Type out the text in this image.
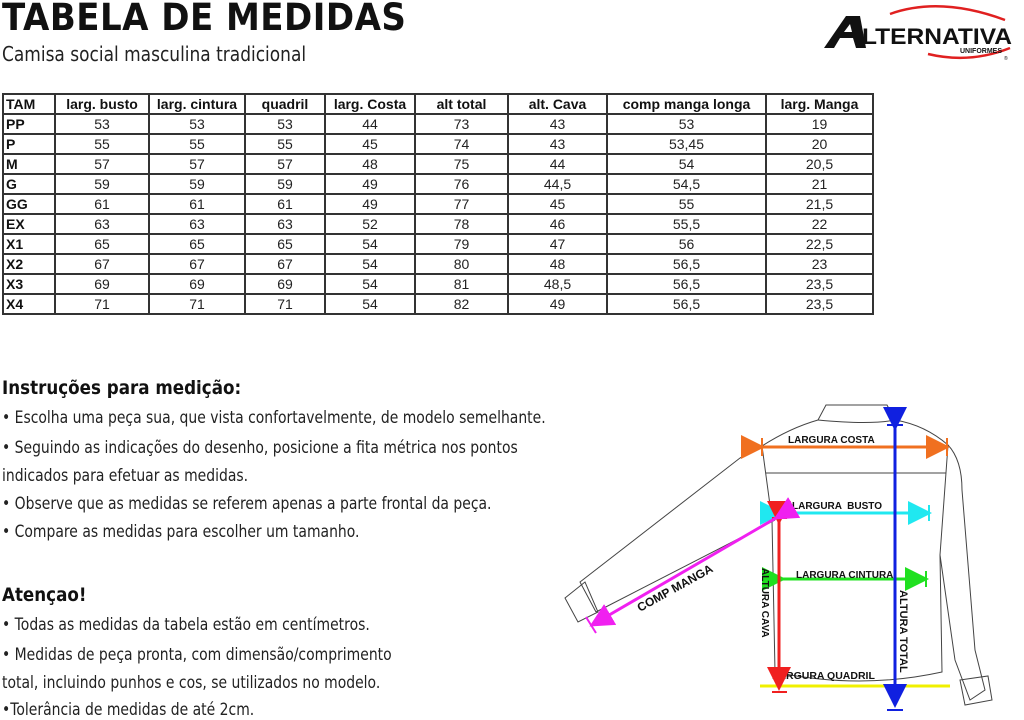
TABELA DE MEDIDAS
Camisa social masculina tradicional
LTERNATIVA
UNIFORMES
®
TAM	larg. busto	larg. cintura	quadril	larg. Costa	alt total	alt. Cava	comp manga longa	larg. Manga
PP	53	53	53	44	73	43	53	19
P	55	55	55	45	74	43	53,45	20
M	57	57	57	48	75	44	54	20,5
G	59	59	59	49	76	44,5	54,5	21
GG	61	61	61	49	77	45	55	21,5
EX	63	63	63	52	78	46	55,5	22
X1	65	65	65	54	79	47	56	22,5
X2	67	67	67	54	80	48	56,5	23
X3	69	69	69	54	81	48,5	56,5	23,5
X4	71	71	71	54	82	49	56,5	23,5
Instruções para medição:
• Escolha uma peça sua, que vista confortavelmente, de modelo semelhante.
• Seguindo as indicações do desenho, posicione a fita métrica nos pontos
indicados para efetuar as medidas.
• Observe que as medidas se referem apenas a parte frontal da peça.
• Compare as medidas para escolher um tamanho.
Atençao!
• Todas as medidas da tabela estão em centímetros.
• Medidas de peça pronta, com dimensão/comprimento
total, incluindo punhos e cos, se utilizados no modelo.
•Tolerância de medidas de até 2cm.
LARGURA COSTA
LARGURA  BUSTO
LARGURA CINTURA
LARGURA QUADRIL
ALTURA CAVA	ALTURA TOTAL
COMP MANGA
